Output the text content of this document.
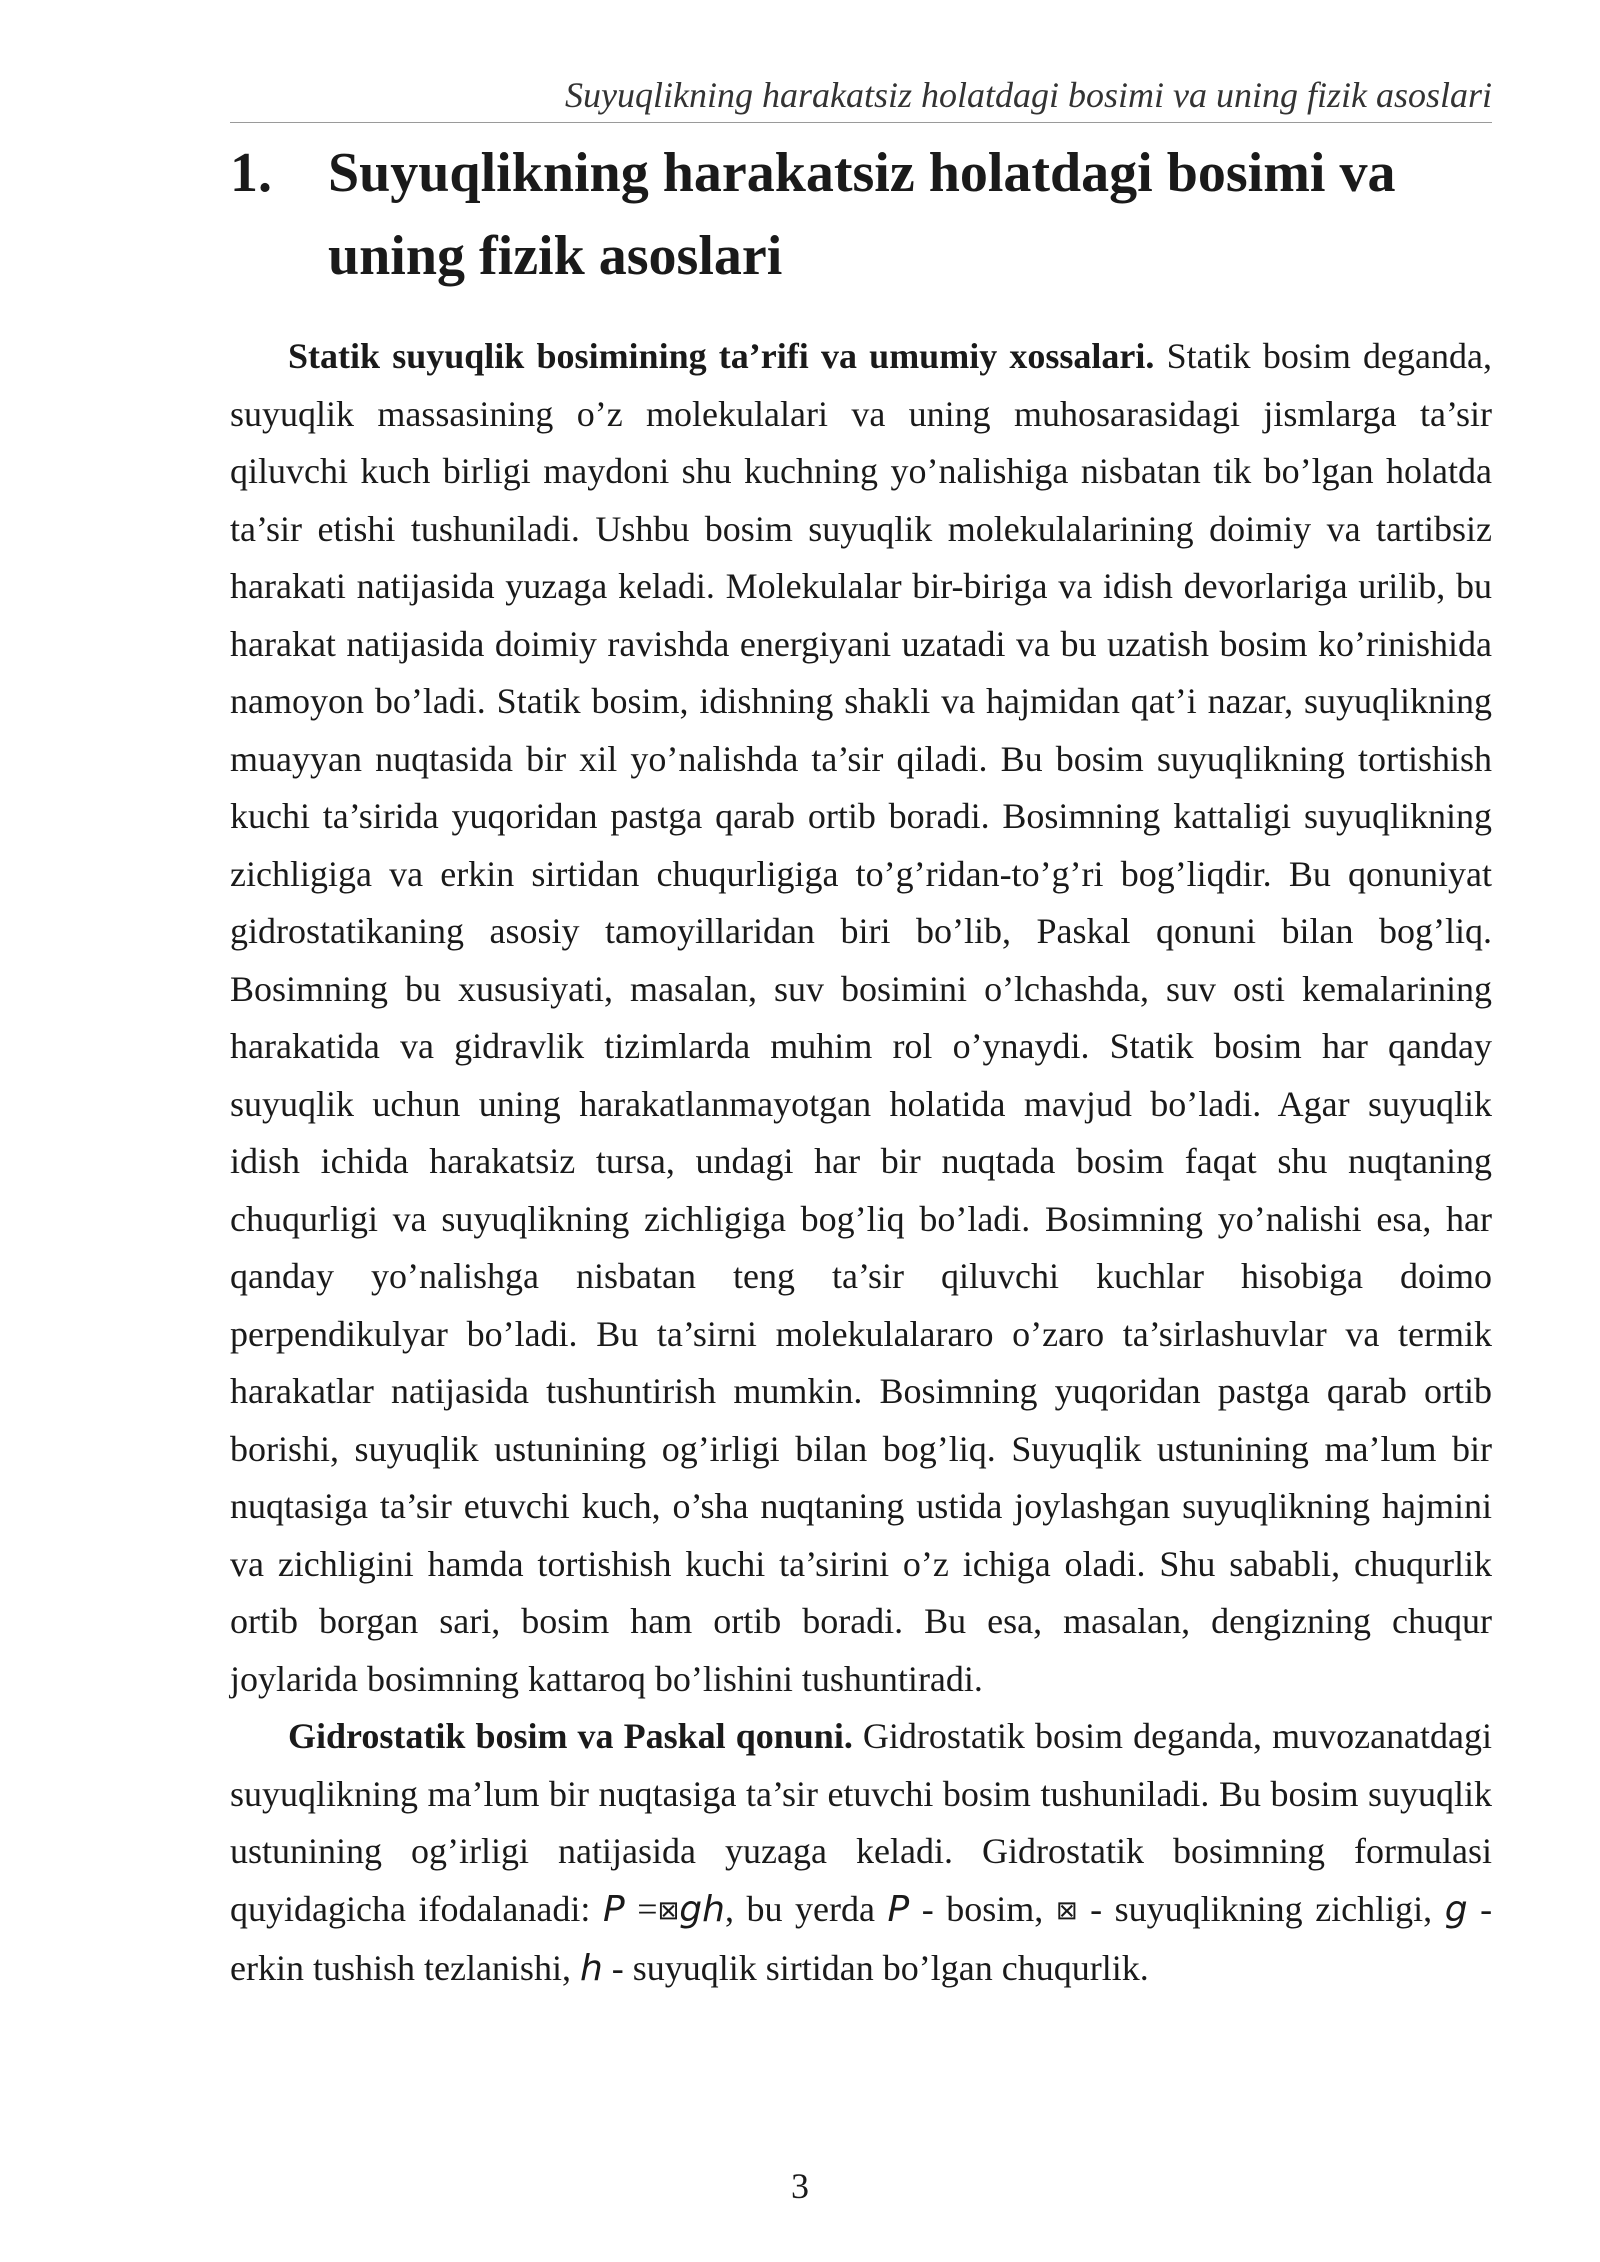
Suyuqlikning harakatsiz holatdagi bosimi va uning fizik asoslari
1. Suyuqlikning harakatsiz holatdagi bosimi va uning fizik asoslari

Statik suyuqlik bosimining ta’rifi va umumiy xossalari. Statik bosim deganda, suyuqlik massasining o’z molekulalari va uning muhosarasidagi jismlarga ta’sir qiluvchi kuch birligi maydoni shu kuchning yo’nalishiga nisbatan tik bo’lgan holatda ta’sir etishi tushuniladi. Ushbu bosim suyuqlik molekulalarining doimiy va tartibsiz harakati natijasida yuzaga keladi. Molekulalar bir-biriga va idish devorlariga urilib, bu harakat natijasida doimiy ravishda energiyani uzatadi va bu uzatish bosim ko’rinishida namoyon bo’ladi. Statik bosim, idishning shakli va hajmidan qat’i nazar, suyuqlikning muayyan nuqtasida bir xil yo’nalishda ta’sir qiladi. Bu bosim suyuqlikning tortishish kuchi ta’sirida yuqoridan pastga qarab ortib boradi. Bosimning kattaligi suyuqlikning zichligiga va erkin sirtidan chuqurligiga to’g’ridan-to’g’ri bog’liqdir. Bu qonuniyat gidrostatikaning asosiy tamoyillaridan biri bo’lib, Paskal qonuni bilan bog’liq. Bosimning bu xususiyati, masalan, suv bosimini o’lchashda, suv osti kemalarining harakatida va gidravlik tizimlarda muhim rol o’ynaydi. Statik bosim har qanday suyuqlik uchun uning harakatlanmayotgan holatida mavjud bo’ladi. Agar suyuqlik idish ichida harakatsiz tursa, undagi har bir nuqtada bosim faqat shu nuqtaning chuqurligi va suyuqlikning zichligiga bog’liq bo’ladi. Bosimning yo’nalishi esa, har qanday yo’nalishga nisbatan teng ta’sir qiluvchi kuchlar hisobiga doimo perpendikulyar bo’ladi. Bu ta’sirni molekulalararo o’zaro ta’sirlashuvlar va termik harakatlar natijasida tushuntirish mumkin. Bosimning yuqoridan pastga qarab ortib borishi, suyuqlik ustunining og’irligi bilan bog’liq. Suyuqlik ustunining ma’lum bir nuqtasiga ta’sir etuvchi kuch, o’sha nuqtaning ustida joylashgan suyuqlikning hajmini va zichligini hamda tortishish kuchi ta’sirini o’z ichiga oladi. Shu sababli, chuqurlik ortib borgan sari, bosim ham ortib boradi. Bu esa, masalan, dengizning chuqur joylarida bosimning kattaroq bo’lishini tushuntiradi.

Gidrostatik bosim va Paskal qonuni. Gidrostatik bosim deganda, muvozanatdagi suyuqlikning ma’lum bir nuqtasiga ta’sir etuvchi bosim tushuniladi. Bu bosim suyuqlik ustunining og’irligi natijasida yuzaga keladi. Gidrostatik bosimning formulasi quyidagicha ifodalanadi: P =⊠gh, bu yerda P - bosim, ⊠ - suyuqlikning zichligi, g - erkin tushish tezlanishi, h - suyuqlik sirtidan bo’lgan chuqurlik.

3
